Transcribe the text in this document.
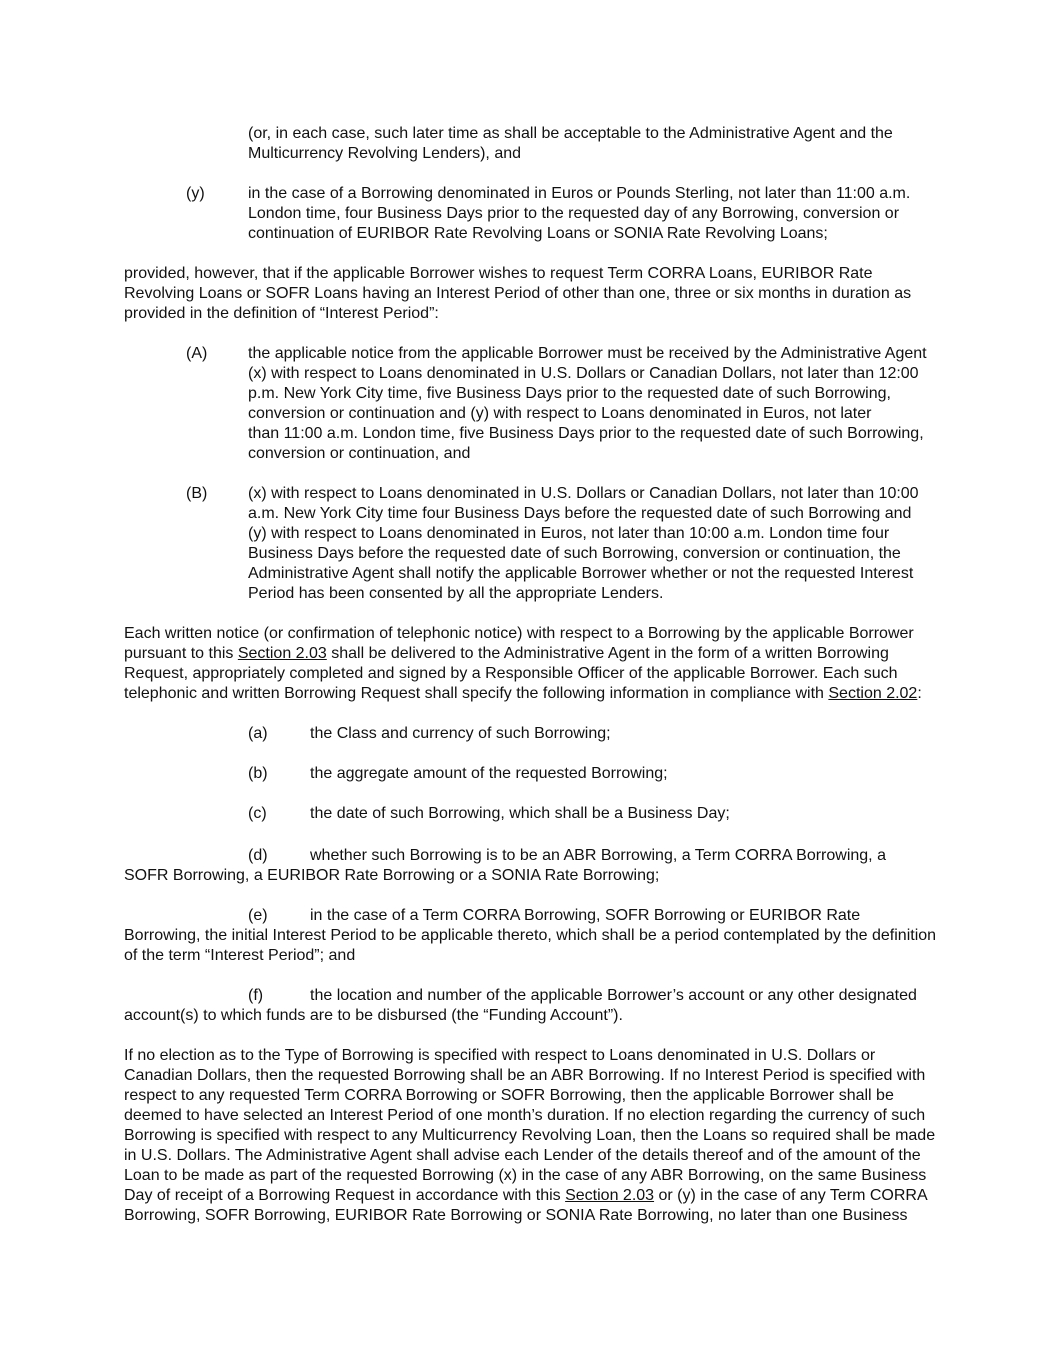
(or, in each case, such later time as shall be acceptable to the Administrative Agent and the
Multicurrency Revolving Lenders), and
(y)	in the case of a Borrowing denominated in Euros or Pounds Sterling, not later than 11:00 a.m.
London time, four Business Days prior to the requested day of any Borrowing, conversion or
continuation of EURIBOR Rate Revolving Loans or SONIA Rate Revolving Loans;
provided, however, that if the applicable Borrower wishes to request Term CORRA Loans, EURIBOR Rate
Revolving Loans or SOFR Loans having an Interest Period of other than one, three or six months in duration as
provided in the definition of “Interest Period”:
(A)	the applicable notice from the applicable Borrower must be received by the Administrative Agent
(x) with respect to Loans denominated in U.S. Dollars or Canadian Dollars, not later than 12:00
p.m. New York City time, five Business Days prior to the requested date of such Borrowing,
conversion or continuation and (y) with respect to Loans denominated in Euros, not later
than 11:00 a.m. London time, five Business Days prior to the requested date of such Borrowing,
conversion or continuation, and
(B)	(x) with respect to Loans denominated in U.S. Dollars or Canadian Dollars, not later than 10:00
a.m. New York City time four Business Days before the requested date of such Borrowing and
(y) with respect to Loans denominated in Euros, not later than 10:00 a.m. London time four
Business Days before the requested date of such Borrowing, conversion or continuation, the
Administrative Agent shall notify the applicable Borrower whether or not the requested Interest
Period has been consented by all the appropriate Lenders.
Each written notice (or confirmation of telephonic notice) with respect to a Borrowing by the applicable Borrower
pursuant to this Section 2.03 shall be delivered to the Administrative Agent in the form of a written Borrowing
Request, appropriately completed and signed by a Responsible Officer of the applicable Borrower. Each such
telephonic and written Borrowing Request shall specify the following information in compliance with Section 2.02:
(a)	the Class and currency of such Borrowing;
(b)	the aggregate amount of the requested Borrowing;
(c)	the date of such Borrowing, which shall be a Business Day;
(d)	whether such Borrowing is to be an ABR Borrowing, a Term CORRA Borrowing, a
SOFR Borrowing, a EURIBOR Rate Borrowing or a SONIA Rate Borrowing;
(e)	in the case of a Term CORRA Borrowing, SOFR Borrowing or EURIBOR Rate
Borrowing, the initial Interest Period to be applicable thereto, which shall be a period contemplated by the definition
of the term “Interest Period”; and
(f)	the location and number of the applicable Borrower’s account or any other designated
account(s) to which funds are to be disbursed (the “Funding Account”).
If no election as to the Type of Borrowing is specified with respect to Loans denominated in U.S. Dollars or
Canadian Dollars, then the requested Borrowing shall be an ABR Borrowing. If no Interest Period is specified with
respect to any requested Term CORRA Borrowing or SOFR Borrowing, then the applicable Borrower shall be
deemed to have selected an Interest Period of one month’s duration. If no election regarding the currency of such
Borrowing is specified with respect to any Multicurrency Revolving Loan, then the Loans so required shall be made
in U.S. Dollars. The Administrative Agent shall advise each Lender of the details thereof and of the amount of the
Loan to be made as part of the requested Borrowing (x) in the case of any ABR Borrowing, on the same Business
Day of receipt of a Borrowing Request in accordance with this Section 2.03 or (y) in the case of any Term CORRA
Borrowing, SOFR Borrowing, EURIBOR Rate Borrowing or SONIA Rate Borrowing, no later than one Business
